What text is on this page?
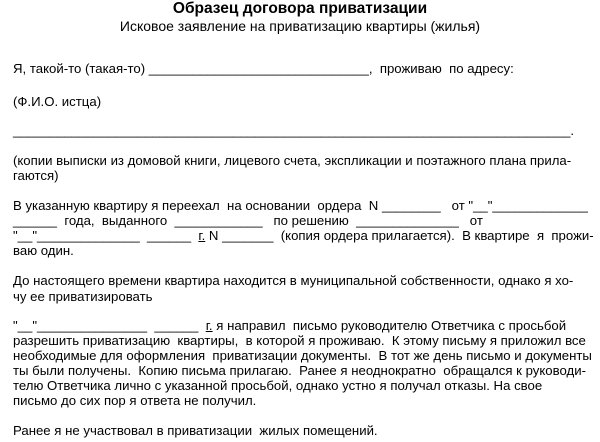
Образец договора приватизации
Исковое заявление на приватизацию квартиры (жилья)
Я, такой-то (такая-то) ______________________________,  проживаю  по адресу:
(Ф.И.О. истца)
____________________________________________________________________________.
(копии выписки из домовой книги, лицевого счета, экспликации и поэтажного плана прила-
гаются)
В указанную квартиру я переехал  на основании  ордера  N ________   от "__"_____________
______  года,  выданного  ____________   по решению  ______________   от
"__"______________  ______  г. N _______  (копия ордера прилагается).  В квартире  я  прожи-
ваю один.
До настоящего времени квартира находится в муниципальной собственности, однако я хо-
чу ее приватизировать
"__"_______________  ______  г. я направил  письмо руководителю Ответчика с просьбой
разрешить приватизацию  квартиры,  в которой я проживаю.  К этому письму я приложил все
необходимые для оформления  приватизации документы.  В тот же день письмо и документы
ты были получены.  Копию письма прилагаю.  Ранее я неоднократно  обращался к руководи-
телю Ответчика лично с указанной просьбой, однако устно я получал отказы. На свое
письмо до сих пор я ответа не получил.
Ранее я не участвовал в приватизации  жилых помещений.
